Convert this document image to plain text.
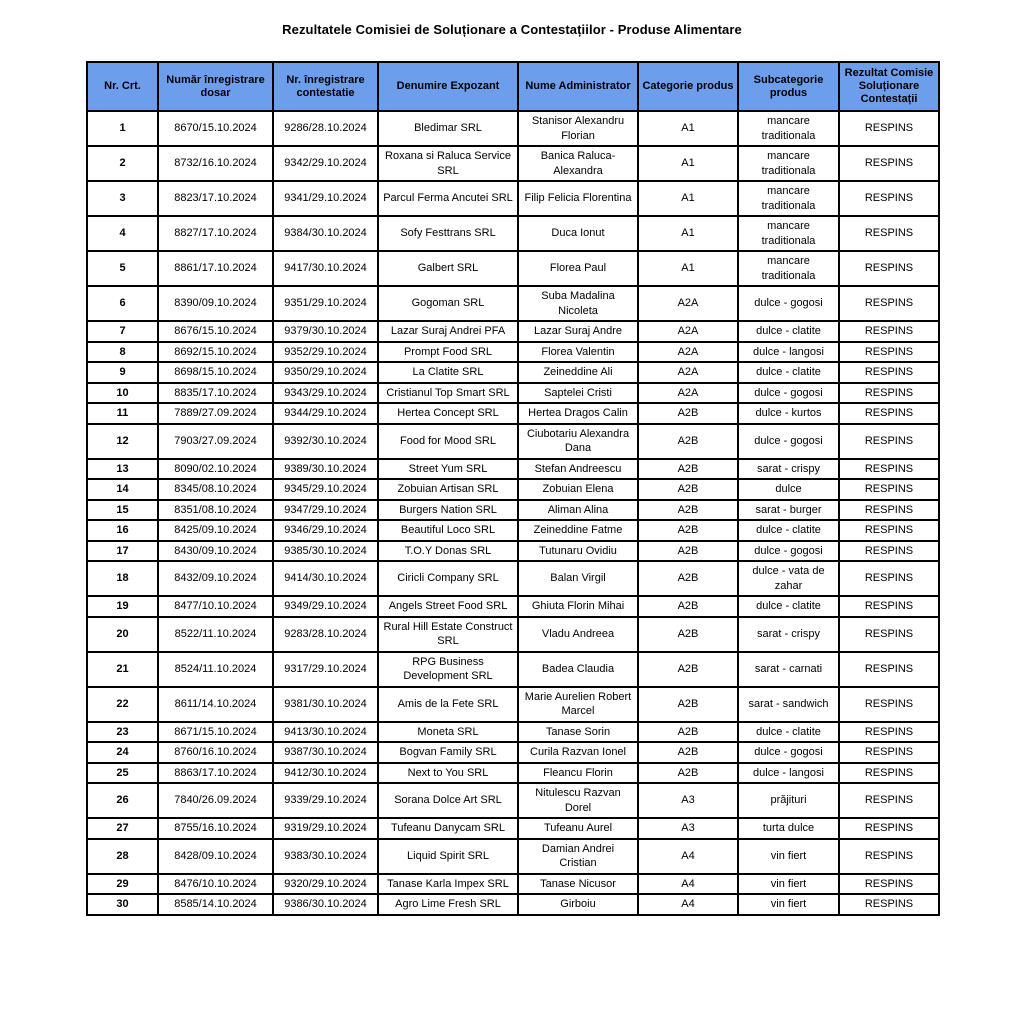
Rezultatele Comisiei de Soluționare a Contestațiilor - Produse Alimentare
Nr. Crt.	Număr înregistrare dosar	Nr. înregistrare contestatie	Denumire Expozant	Nume Administrator	Categorie produs	Subcategorie produs	Rezultat Comisie Soluționare Contestații
1	8670/15.10.2024	9286/28.10.2024	Bledimar SRL	Stanisor Alexandru Florian	A1	mancare traditionala	RESPINS
2	8732/16.10.2024	9342/29.10.2024	Roxana si Raluca Service SRL	Banica Raluca-Alexandra	A1	mancare traditionala	RESPINS
3	8823/17.10.2024	9341/29.10.2024	Parcul Ferma Ancutei SRL	Filip Felicia Florentina	A1	mancare traditionala	RESPINS
4	8827/17.10.2024	9384/30.10.2024	Sofy Festtrans SRL	Duca Ionut	A1	mancare traditionala	RESPINS
5	8861/17.10.2024	9417/30.10.2024	Galbert SRL	Florea Paul	A1	mancare traditionala	RESPINS
6	8390/09.10.2024	9351/29.10.2024	Gogoman SRL	Suba Madalina Nicoleta	A2A	dulce - gogosi	RESPINS
7	8676/15.10.2024	9379/30.10.2024	Lazar Suraj Andrei PFA	Lazar Suraj Andre	A2A	dulce - clatite	RESPINS
8	8692/15.10.2024	9352/29.10.2024	Prompt Food SRL	Florea Valentin	A2A	dulce - langosi	RESPINS
9	8698/15.10.2024	9350/29.10.2024	La Clatite SRL	Zeineddine Ali	A2A	dulce - clatite	RESPINS
10	8835/17.10.2024	9343/29.10.2024	Cristianul Top Smart SRL	Saptelei Cristi	A2A	dulce - gogosi	RESPINS
11	7889/27.09.2024	9344/29.10.2024	Hertea Concept SRL	Hertea Dragos Calin	A2B	dulce - kurtos	RESPINS
12	7903/27.09.2024	9392/30.10.2024	Food for Mood SRL	Ciubotariu Alexandra Dana	A2B	dulce - gogosi	RESPINS
13	8090/02.10.2024	9389/30.10.2024	Street Yum SRL	Stefan Andreescu	A2B	sarat - crispy	RESPINS
14	8345/08.10.2024	9345/29.10.2024	Zobuian Artisan SRL	Zobuian Elena	A2B	dulce	RESPINS
15	8351/08.10.2024	9347/29.10.2024	Burgers Nation SRL	Aliman Alina	A2B	sarat - burger	RESPINS
16	8425/09.10.2024	9346/29.10.2024	Beautiful Loco SRL	Zeineddine Fatme	A2B	dulce - clatite	RESPINS
17	8430/09.10.2024	9385/30.10.2024	T.O.Y Donas SRL	Tutunaru Ovidiu	A2B	dulce - gogosi	RESPINS
18	8432/09.10.2024	9414/30.10.2024	Ciricli Company SRL	Balan Virgil	A2B	dulce - vata de zahar	RESPINS
19	8477/10.10.2024	9349/29.10.2024	Angels Street Food SRL	Ghiuta Florin Mihai	A2B	dulce - clatite	RESPINS
20	8522/11.10.2024	9283/28.10.2024	Rural Hill Estate Construct SRL	Vladu Andreea	A2B	sarat - crispy	RESPINS
21	8524/11.10.2024	9317/29.10.2024	RPG Business Development SRL	Badea Claudia	A2B	sarat - carnati	RESPINS
22	8611/14.10.2024	9381/30.10.2024	Amis de la Fete SRL	Marie Aurelien Robert Marcel	A2B	sarat - sandwich	RESPINS
23	8671/15.10.2024	9413/30.10.2024	Moneta SRL	Tanase Sorin	A2B	dulce - clatite	RESPINS
24	8760/16.10.2024	9387/30.10.2024	Bogvan Family SRL	Curila Razvan Ionel	A2B	dulce - gogosi	RESPINS
25	8863/17.10.2024	9412/30.10.2024	Next to You SRL	Fleancu Florin	A2B	dulce - langosi	RESPINS
26	7840/26.09.2024	9339/29.10.2024	Sorana Dolce Art SRL	Nitulescu Razvan Dorel	A3	prăjituri	RESPINS
27	8755/16.10.2024	9319/29.10.2024	Tufeanu Danycam SRL	Tufeanu Aurel	A3	turta dulce	RESPINS
28	8428/09.10.2024	9383/30.10.2024	Liquid Spirit SRL	Damian Andrei Cristian	A4	vin fiert	RESPINS
29	8476/10.10.2024	9320/29.10.2024	Tanase Karla Impex SRL	Tanase Nicusor	A4	vin fiert	RESPINS
30	8585/14.10.2024	9386/30.10.2024	Agro Lime Fresh SRL	Girboiu	A4	vin fiert	RESPINS
